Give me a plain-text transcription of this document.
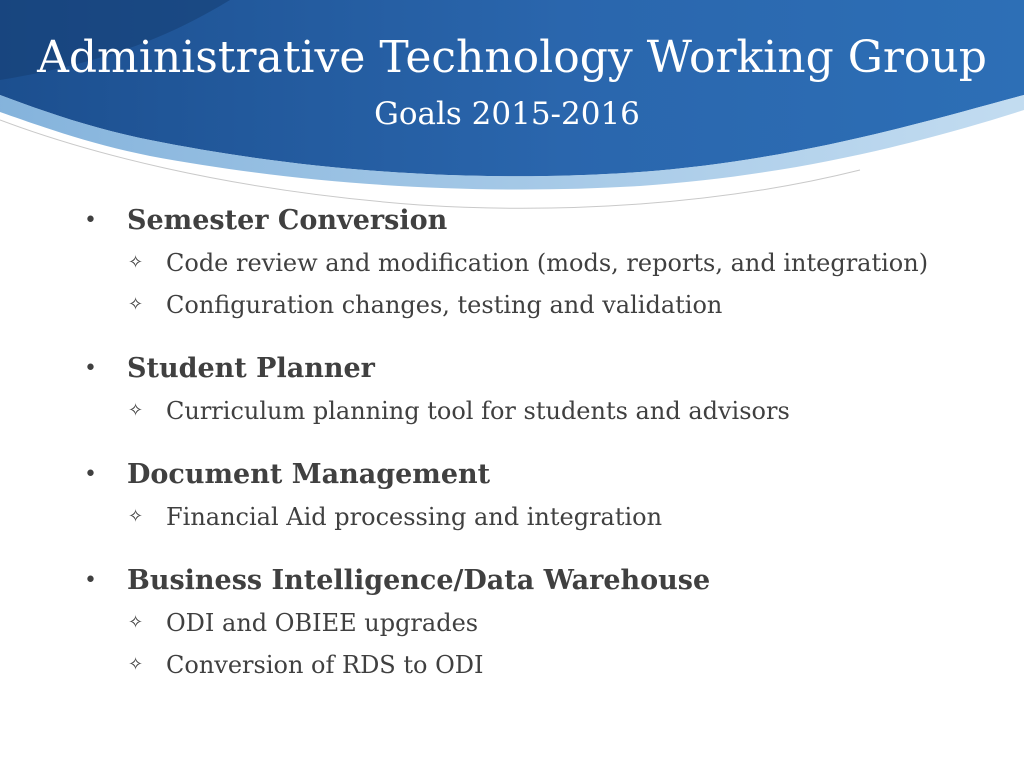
Administrative Technology Working Group
Goals 2015-2016
• Semester Conversion
✧ Code review and modification (mods, reports, and integration)
✧ Configuration changes, testing and validation
• Student Planner
✧ Curriculum planning tool for students and advisors
• Document Management
✧ Financial Aid processing and integration
• Business Intelligence/Data Warehouse
✧ ODI and OBIEE upgrades
✧ Conversion of RDS to ODI
